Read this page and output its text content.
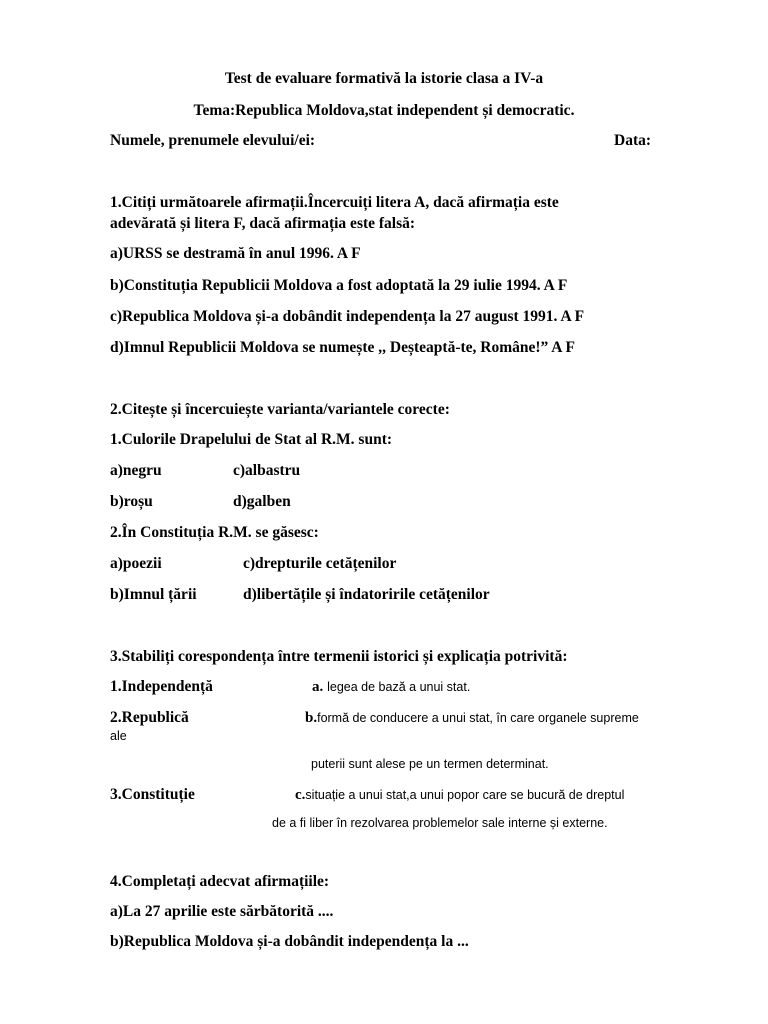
Test de evaluare formativă la istorie clasa a IV-a
Tema:Republica Moldova,stat independent și democratic.
Numele, prenumele elevului/ei:	Data:
1.Citiți următoarele afirmații.Încercuiți litera A, dacă afirmația este
adevărată și litera F, dacă afirmația este falsă:
a)URSS se destramă în anul 1996. A F
b)Constituția Republicii Moldova a fost adoptată la 29 iulie 1994. A F
c)Republica Moldova și-a dobândit independența la 27 august 1991. A F
d)Imnul Republicii Moldova se numește ,, Deșteaptă-te, Române!” A F
2.Citește și încercuiește varianta/variantele corecte:
1.Culorile Drapelului de Stat al R.M. sunt:
a)negru	c)albastru
b)roșu	d)galben
2.În Constituția R.M. se găsesc:
a)poezii	c)drepturile cetățenilor
b)Imnul țării	d)libertățile și îndatoririle cetățenilor
3.Stabiliți corespondența între termenii istorici și explicația potrivită:
1.Independență	a. legea de bază a unui stat.
2.Republică	b.formă de conducere a unui stat, în care organele supreme
ale
puterii sunt alese pe un termen determinat.
3.Constituție	c.situație a unui stat,a unui popor care se bucură de dreptul
de a fi liber în rezolvarea problemelor sale interne și externe.
4.Completați adecvat afirmațiile:
a)La 27 aprilie este sărbătorită ....
b)Republica Moldova și-a dobândit independența la ...
